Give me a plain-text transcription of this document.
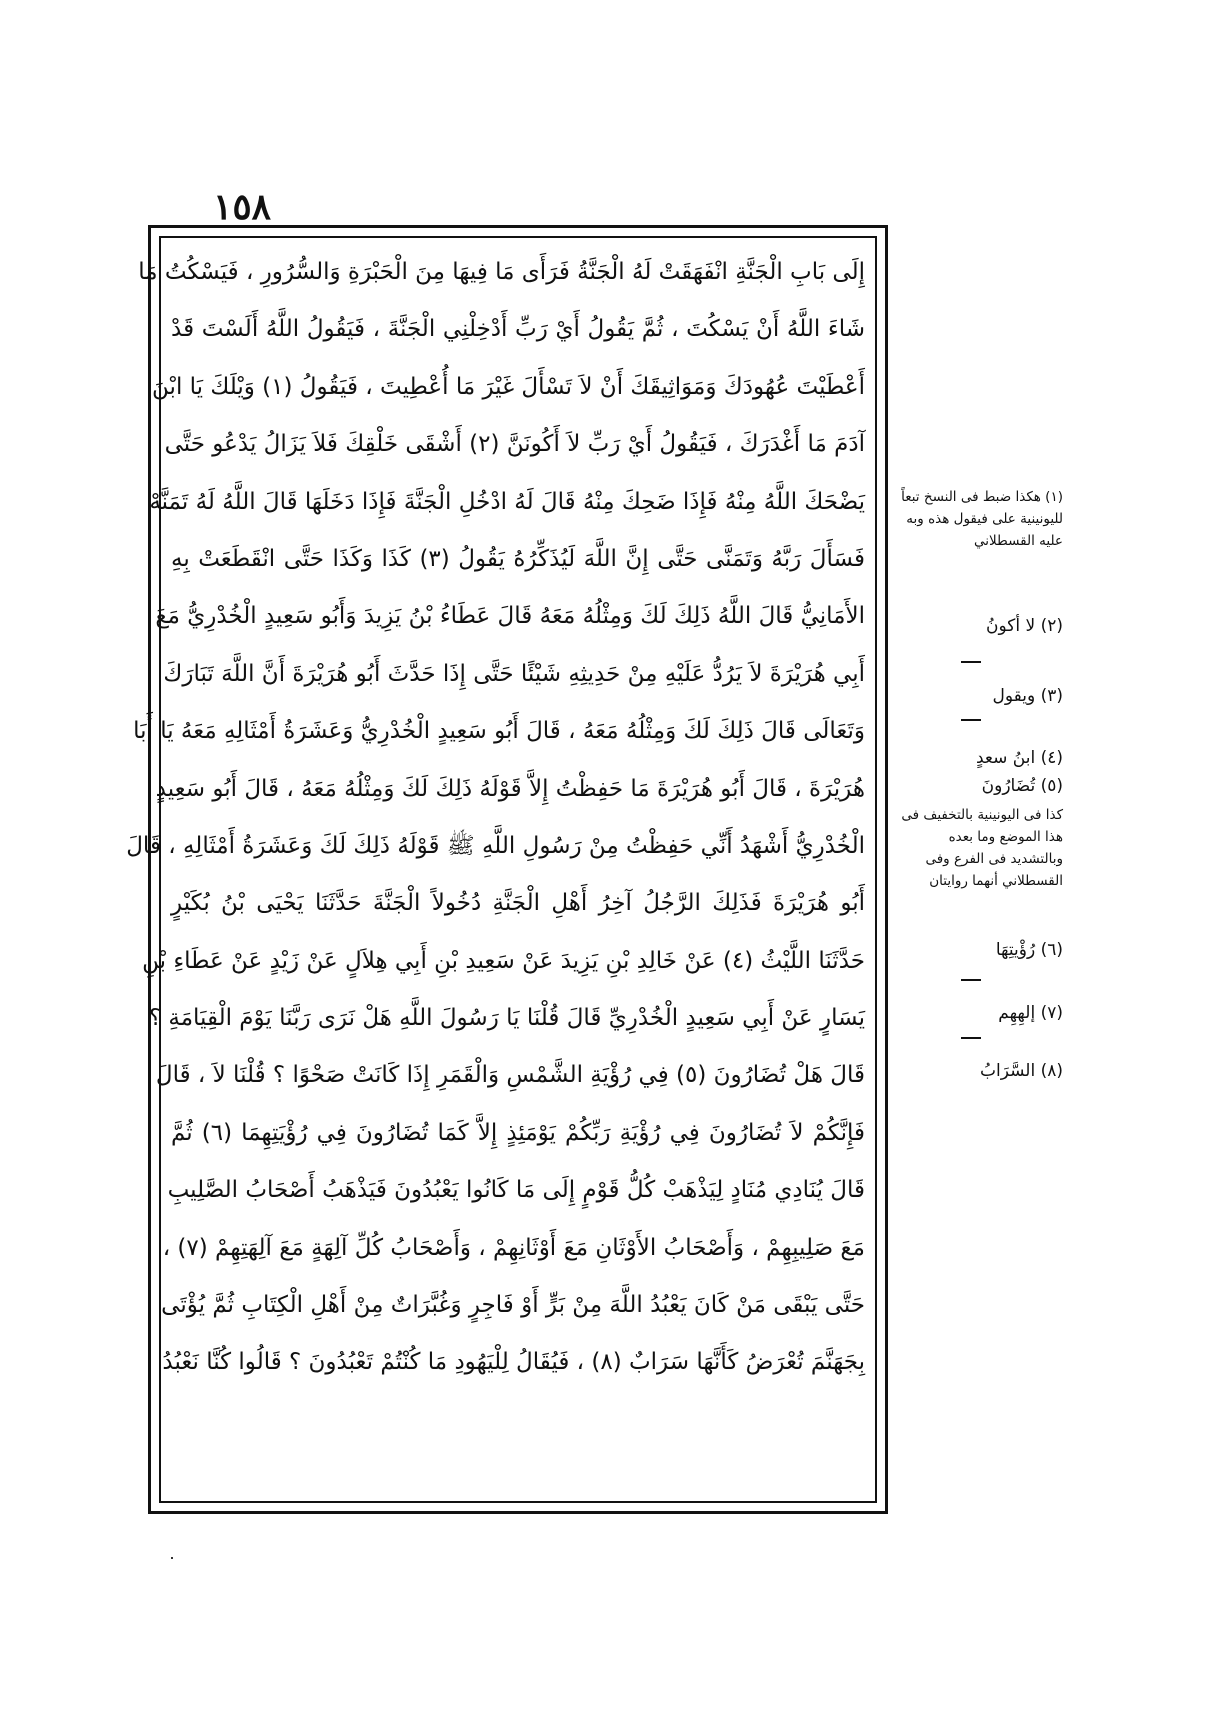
١٥٨
إِلَى بَابِ الْجَنَّةِ انْفَهَقَتْ لَهُ الْجَنَّةُ فَرَأَى مَا فِيهَا مِنَ الْحَبْرَةِ وَالسُّرُورِ ، فَيَسْكُتُ مَا
شَاءَ اللَّهُ أَنْ يَسْكُتَ ، ثُمَّ يَقُولُ أَيْ رَبِّ أَدْخِلْنِي الْجَنَّةَ ، فَيَقُولُ اللَّهُ أَلَسْتَ قَدْ
أَعْطَيْتَ عُهُودَكَ وَمَوَاثِيقَكَ أَنْ لاَ تَسْأَلَ غَيْرَ مَا أُعْطِيتَ ، فَيَقُولُ (١) وَيْلَكَ يَا ابْنَ
آدَمَ مَا أَغْدَرَكَ ، فَيَقُولُ أَيْ رَبِّ لاَ أَكُونَنَّ (٢) أَشْقَى خَلْقِكَ فَلاَ يَزَالُ يَدْعُو حَتَّى
يَضْحَكَ اللَّهُ مِنْهُ فَإِذَا ضَحِكَ مِنْهُ قَالَ لَهُ ادْخُلِ الْجَنَّةَ فَإِذَا دَخَلَهَا قَالَ اللَّهُ لَهُ تَمَنَّهْ
فَسَأَلَ رَبَّهُ وَتَمَنَّى حَتَّى إِنَّ اللَّهَ لَيُذَكِّرُهُ يَقُولُ (٣) كَذَا وَكَذَا حَتَّى انْقَطَعَتْ بِهِ
الأَمَانِيُّ قَالَ اللَّهُ ذَلِكَ لَكَ وَمِثْلُهُ مَعَهُ قَالَ عَطَاءُ بْنُ يَزِيدَ وَأَبُو سَعِيدٍ الْخُدْرِيُّ مَعَ
أَبِي هُرَيْرَةَ لاَ يَرُدُّ عَلَيْهِ مِنْ حَدِيثِهِ شَيْئًا حَتَّى إِذَا حَدَّثَ أَبُو هُرَيْرَةَ أَنَّ اللَّهَ تَبَارَكَ
وَتَعَالَى قَالَ ذَلِكَ لَكَ وَمِثْلُهُ مَعَهُ ، قَالَ أَبُو سَعِيدٍ الْخُدْرِيُّ وَعَشَرَةُ أَمْثَالِهِ مَعَهُ يَا أَبَا
هُرَيْرَةَ ، قَالَ أَبُو هُرَيْرَةَ مَا حَفِظْتُ إِلاَّ قَوْلَهُ ذَلِكَ لَكَ وَمِثْلُهُ مَعَهُ ، قَالَ أَبُو سَعِيدٍ
الْخُدْرِيُّ أَشْهَدُ أَنِّي حَفِظْتُ مِنْ رَسُولِ اللَّهِ ﷺ قَوْلَهُ ذَلِكَ لَكَ وَعَشَرَةُ أَمْثَالِهِ ، قَالَ
أَبُو هُرَيْرَةَ فَذَلِكَ الرَّجُلُ آخِرُ أَهْلِ الْجَنَّةِ دُخُولاً الْجَنَّةَ حَدَّثَنَا يَحْيَى بْنُ بُكَيْرٍ
حَدَّثَنَا اللَّيْثُ (٤) عَنْ خَالِدِ بْنِ يَزِيدَ عَنْ سَعِيدِ بْنِ أَبِي هِلاَلٍ عَنْ زَيْدٍ عَنْ عَطَاءِ بْنِ
يَسَارٍ عَنْ أَبِي سَعِيدٍ الْخُدْرِيِّ قَالَ قُلْنَا يَا رَسُولَ اللَّهِ هَلْ نَرَى رَبَّنَا يَوْمَ الْقِيَامَةِ ؟
قَالَ هَلْ تُضَارُونَ (٥) فِي رُؤْيَةِ الشَّمْسِ وَالْقَمَرِ إِذَا كَانَتْ صَحْوًا ؟ قُلْنَا لاَ ، قَالَ
فَإِنَّكُمْ لاَ تُضَارُونَ فِي رُؤْيَةِ رَبِّكُمْ يَوْمَئِذٍ إِلاَّ كَمَا تُضَارُونَ فِي رُؤْيَتِهِمَا (٦) ثُمَّ
قَالَ يُنَادِي مُنَادٍ لِيَذْهَبْ كُلُّ قَوْمٍ إِلَى مَا كَانُوا يَعْبُدُونَ فَيَذْهَبُ أَصْحَابُ الصَّلِيبِ
مَعَ صَلِيبِهِمْ ، وَأَصْحَابُ الأَوْثَانِ مَعَ أَوْثَانِهِمْ ، وَأَصْحَابُ كُلِّ آلِهَةٍ مَعَ آلِهَتِهِمْ (٧) ،
حَتَّى يَبْقَى مَنْ كَانَ يَعْبُدُ اللَّهَ مِنْ بَرٍّ أَوْ فَاجِرٍ وَغُبَّرَاتٌ مِنْ أَهْلِ الْكِتَابِ ثُمَّ يُؤْتَى
بِجَهَنَّمَ تُعْرَضُ كَأَنَّهَا سَرَابٌ (٨) ، فَيُقَالُ لِلْيَهُودِ مَا كُنْتُمْ تَعْبُدُونَ ؟ قَالُوا كُنَّا نَعْبُدُ
(١) هكذا ضبط فى النسخ تبعاً لليونينية على فيقول هذه وبه عليه القسطلاني
(٢) لا أكونُ
(٣) ويقول
(٤) ابنُ سعدٍ
(٥) تُضَارُونَ
كذا فى اليونينية بالتخفيف فى هذا الموضع وما بعده وبالتشديد فى الفرع وفى القسطلاني أنهما روايتان
(٦) رُؤْيتِهَا
(٧) إلهِهِم
(٨) السَّرَابُ
